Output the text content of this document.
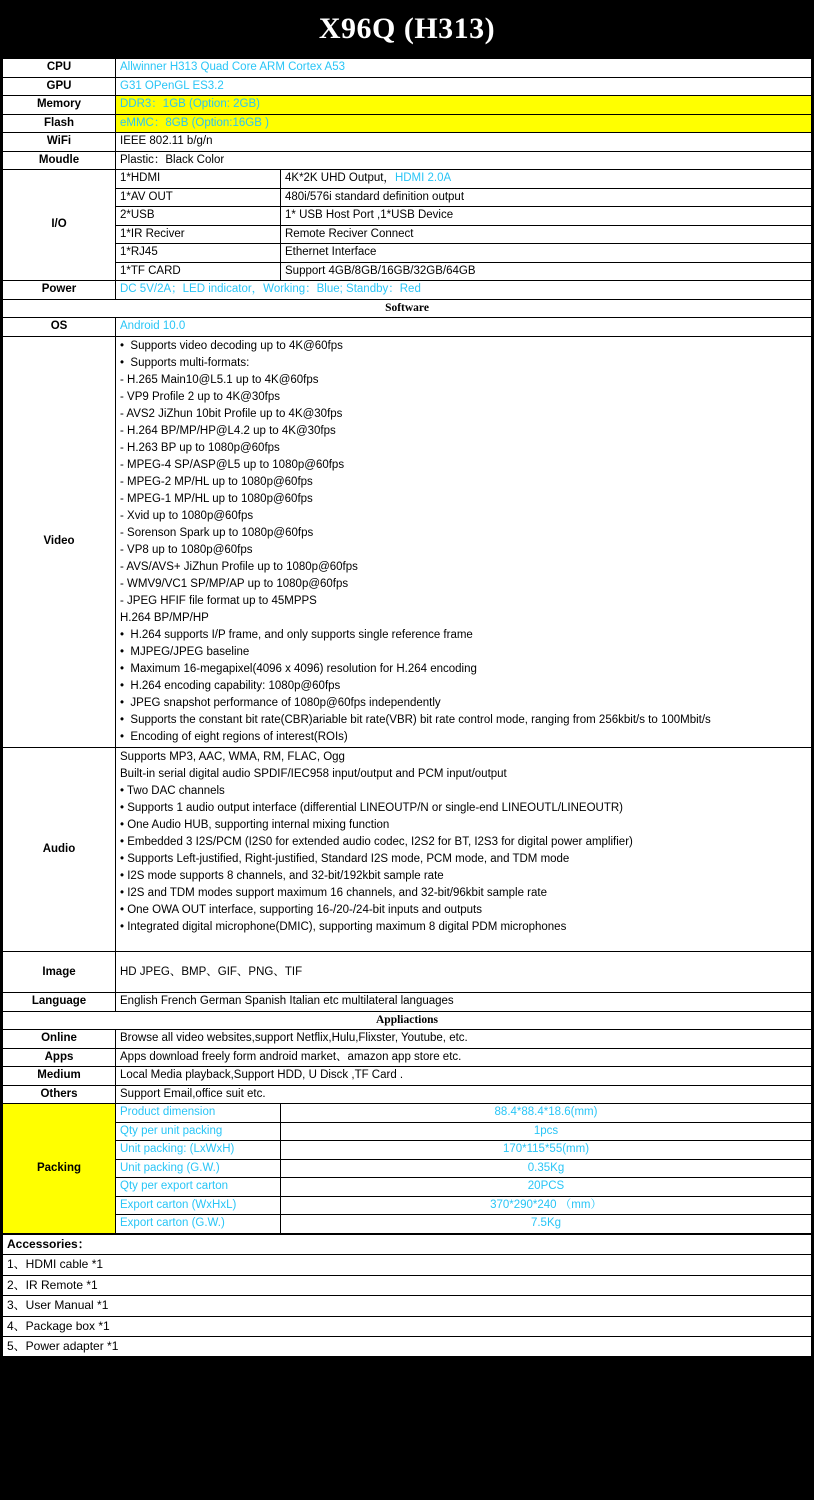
X96Q (H313)
CPU	Allwinner H313 Quad Core ARM Cortex A53	
GPU	G31 OPenGL ES3.2	
Memory	DDR3：1GB (Option: 2GB)	
Flash	eMMC：8GB (Option:16GB )	
WiFi	IEEE 802.11 b/g/n	
Moudle	Plastic：Black Color	
I/O	1*HDMI	4K*2K UHD Output，HDMI 2.0A
	1*AV OUT	480i/576i standard definition output
	2*USB	1* USB Host Port ,1*USB Device
	1*IR Reciver	Remote Reciver Connect
	1*RJ45	Ethernet Interface
	1*TF CARD	Support 4GB/8GB/16GB/32GB/64GB
Power	DC 5V/2A；LED indicator，Working：Blue; Standby：Red	
Software		
OS	Android 10.0	
Video	
•  Supports video decoding up to 4K@60fps
•  Supports multi-formats:
- H.265 Main10@L5.1 up to 4K@60fps
- VP9 Profile 2 up to 4K@30fps
- AVS2 JiZhun 10bit Profile up to 4K@30fps
- H.264 BP/MP/HP@L4.2 up to 4K@30fps
- H.263 BP up to 1080p@60fps
- MPEG-4 SP/ASP@L5 up to 1080p@60fps
- MPEG-2 MP/HL up to 1080p@60fps
- MPEG-1 MP/HL up to 1080p@60fps
- Xvid up to 1080p@60fps
- Sorenson Spark up to 1080p@60fps
- VP8 up to 1080p@60fps
- AVS/AVS+ JiZhun Profile up to 1080p@60fps
- WMV9/VC1 SP/MP/AP up to 1080p@60fps
- JPEG HFIF file format up to 45MPPS
H.264 BP/MP/HP
•  H.264 supports I/P frame, and only supports single reference frame
•  MJPEG/JPEG baseline
•  Maximum 16-megapixel(4096 x 4096) resolution for H.264 encoding
•  H.264 encoding capability: 1080p@60fps
•  JPEG snapshot performance of 1080p@60fps independently
•  Supports the constant bit rate(CBR)ariable bit rate(VBR) bit rate control mode, ranging from 256kbit/s to 100Mbit/s
•  Encoding of eight regions of interest(ROIs)

Audio	
Supports MP3, AAC, WMA, RM, FLAC, Ogg
Built-in serial digital audio SPDIF/IEC958 input/output and PCM input/output
• Two DAC channels
• Supports 1 audio output interface (differential LINEOUTP/N or single-end LINEOUTL/LINEOUTR)
• One Audio HUB, supporting internal mixing function
• Embedded 3 I2S/PCM (I2S0 for extended audio codec, I2S2 for BT, I2S3 for digital power amplifier)
• Supports Left-justified, Right-justified, Standard I2S mode, PCM mode, and TDM mode
• I2S mode supports 8 channels, and 32-bit/192kbit sample rate
• I2S and TDM modes support maximum 16 channels, and 32-bit/96kbit sample rate
• One OWA OUT interface, supporting 16-/20-/24-bit inputs and outputs
• Integrated digital microphone(DMIC), supporting maximum 8 digital PDM microphones

Image	HD JPEG、BMP、GIF、PNG、TIF	
Language	English French German Spanish Italian etc multilateral languages	
Appliactions		
Online	Browse all video websites,support Netflix,Hulu,Flixster, Youtube, etc.	
Apps	Apps download freely form android market、amazon app store etc.	
Medium	Local Media playback,Support HDD, U Disck ,TF Card .	
Others	Support Email,office suit etc.	
Packing	Product dimension	88.4*88.4*18.6(mm)
	Qty per unit packing	1pcs
	Unit packing: (LxWxH)	170*115*55(mm)
	Unit packing (G.W.)	0.35Kg
	Qty per export carton	20PCS
	Export carton (WxHxL)	370*290*240 （mm）
	Export carton (G.W.)	7.5Kg
Accessories：
1、HDMI cable *1
2、IR Remote *1
3、User Manual *1
4、Package box *1
5、Power adapter *1
